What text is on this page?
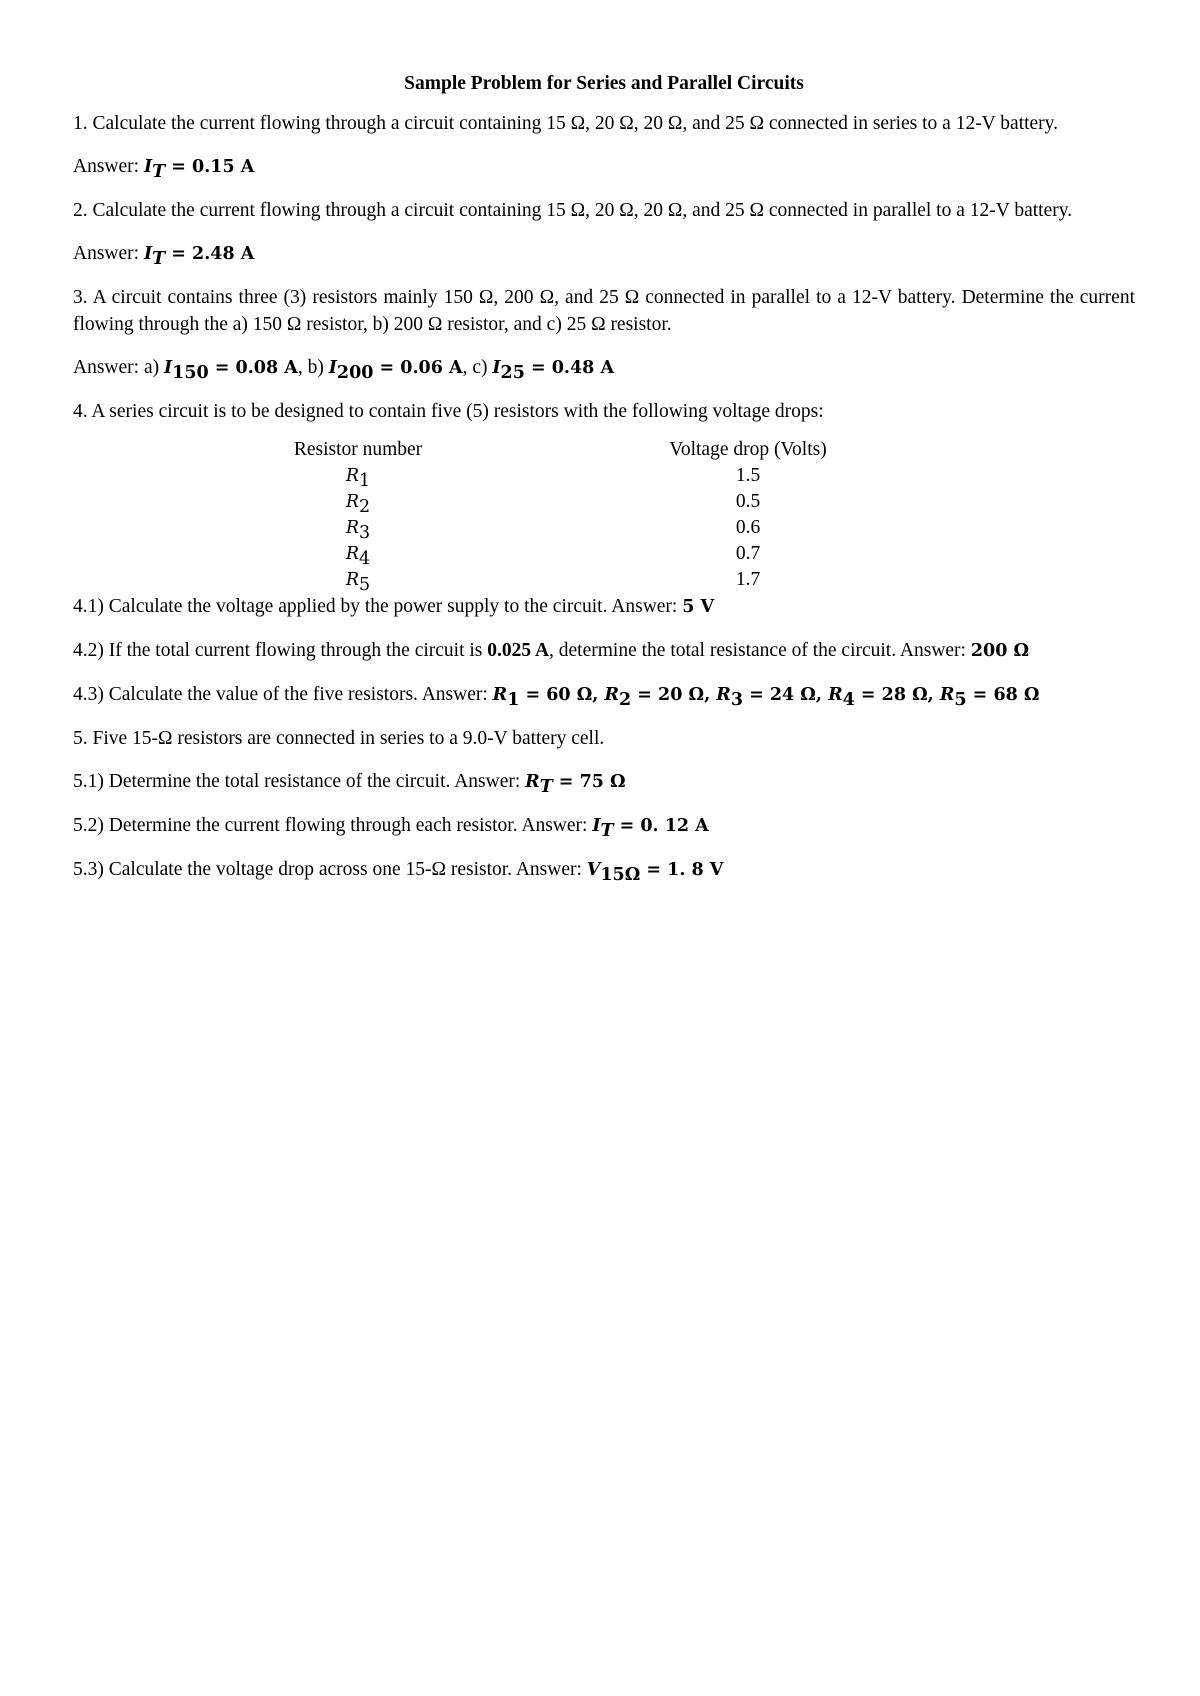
Sample Problem for Series and Parallel Circuits
1. Calculate the current flowing through a circuit containing 15 Ω, 20 Ω, 20 Ω, and 25 Ω connected in series to a 12-V battery.
Answer: $I_T = 0.15$ A
2. Calculate the current flowing through a circuit containing 15 Ω, 20 Ω, 20 Ω, and 25 Ω connected in parallel to a 12-V battery.
Answer: $I_T = 2.48$ A
3. A circuit contains three (3) resistors mainly 150 Ω, 200 Ω, and 25 Ω connected in parallel to a 12-V battery. Determine the current flowing through the a) 150 Ω resistor, b) 200 Ω resistor, and c) 25 Ω resistor.
Answer: a) $I_{150} = 0.08$ A, b) $I_{200} = 0.06$ A, c) $I_{25} = 0.48$ A
4. A series circuit is to be designed to contain five (5) resistors with the following voltage drops:
Resistor number	Voltage drop (Volts)
$R_1$	1.5
$R_2$	0.5
$R_3$	0.6
$R_4$	0.7
$R_5$	1.7
4.1) Calculate the voltage applied by the power supply to the circuit. Answer: 5 V
4.2) If the total current flowing through the circuit is 0.025 A, determine the total resistance of the circuit. Answer: 200 Ω
4.3) Calculate the value of the five resistors. Answer: $R_1 = 60$ Ω, $R_2 = 20$ Ω, $R_3 = 24$ Ω, $R_4 = 28$ Ω, $R_5 = 68$ Ω
5. Five 15-Ω resistors are connected in series to a 9.0-V battery cell.
5.1) Determine the total resistance of the circuit. Answer: $R_T = 75$ Ω
5.2) Determine the current flowing through each resistor. Answer: $I_T = 0$. 12 A
5.3) Calculate the voltage drop across one 15-Ω resistor. Answer: $V_{15\Omega} = 1$. 8 V
